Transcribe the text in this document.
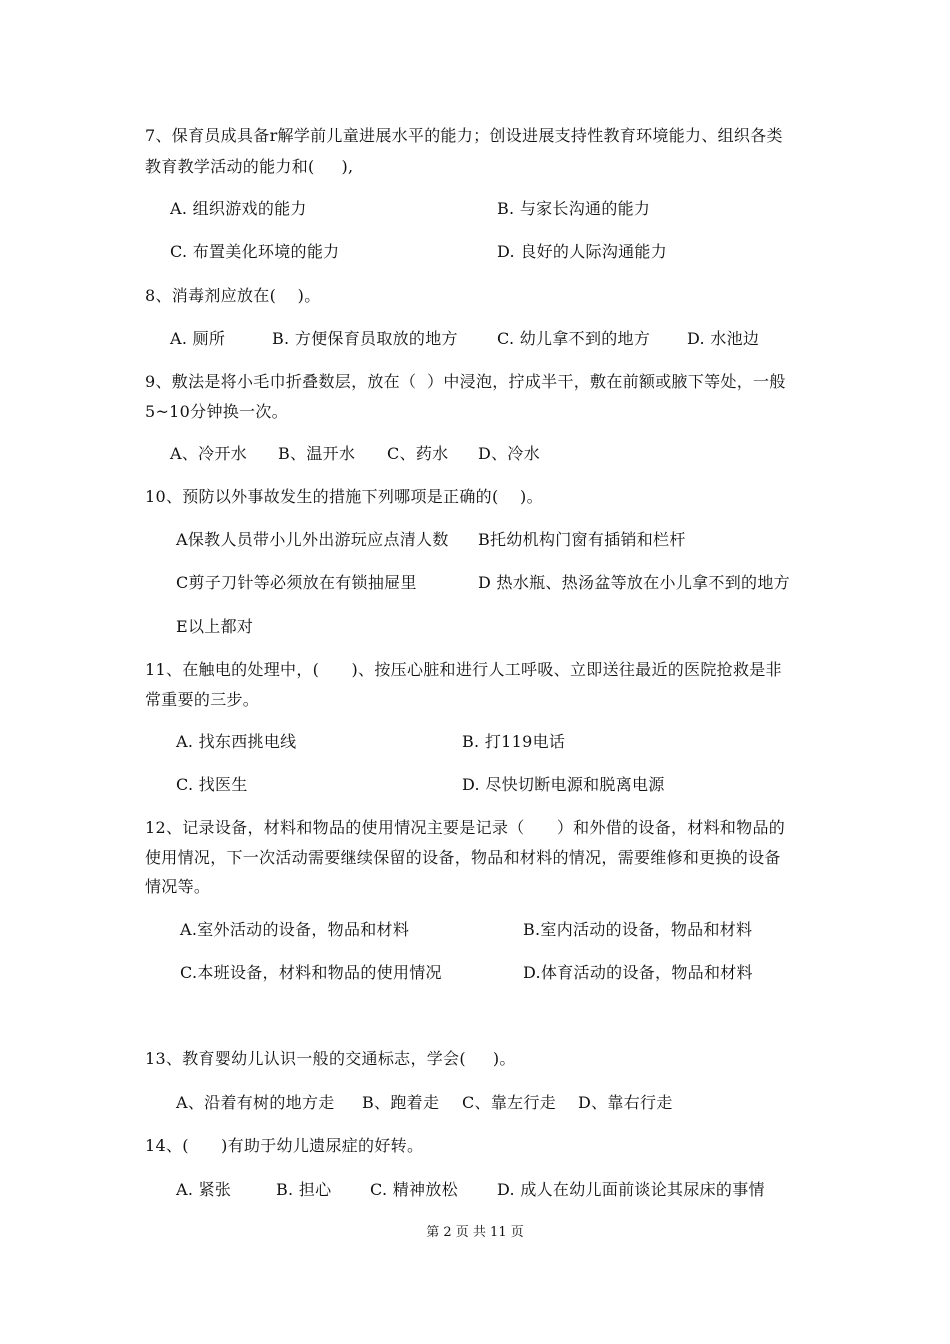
7、保育员成具备r解学前儿童进展水平的能力；创设进展支持性教育环境能力、组织各类
教育教学活动的能力和(     ),
A. 组织游戏的能力	B. 与家长沟通的能力
C. 布置美化环境的能力	D. 良好的人际沟通能力
8、消毒剂应放在(    )。
A. 厕所	B. 方便保育员取放的地方 C. 幼儿拿不到的地方 D. 水池边
9、敷法是将小毛巾折叠数层，放在（  ）中浸泡，拧成半干，敷在前额或腋下等处，一般
5~10分钟换一次。
A、冷开水 B、温开水 C、药水 D、冷水
10、预防以外事故发生的措施下列哪项是正确的(    )。
A保教人员带小儿外出游玩应点清人数 B托幼机构门窗有插销和栏杆
C剪子刀针等必须放在有锁抽屉里	D 热水瓶、热汤盆等放在小儿拿不到的地方
E以上都对
11、在触电的处理中，(      )、按压心脏和进行人工呼吸、立即送往最近的医院抢救是非
常重要的三步。
A. 找东西挑电线	B. 打119电话
C. 找医生	D. 尽快切断电源和脱离电源
12、记录设备，材料和物品的使用情况主要是记录（      ）和外借的设备，材料和物品的
使用情况，下一次活动需要继续保留的设备，物品和材料的情况，需要维修和更换的设备
情况等。
A.室外活动的设备，物品和材料	B.室内活动的设备，物品和材料
C.本班设备，材料和物品的使用情况	D.体育活动的设备，物品和材料
13、教育婴幼儿认识一般的交通标志，学会(     )。
A、沿着有树的地方走 B、跑着走 C、靠左行走 D、靠右行走
14、(      )有助于幼儿遗尿症的好转。
A. 紧张	B. 担心 C. 精神放松 D. 成人在幼儿面前谈论其尿床的事情
第 2 页 共 11 页
